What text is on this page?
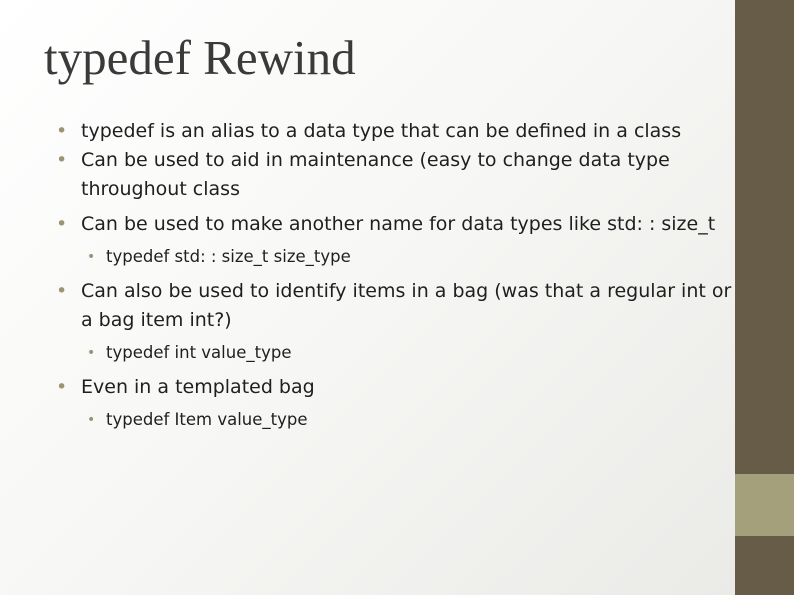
typedef Rewind

• typedef is an alias to a data type that can be defined in a class

• Can be used to aid in maintenance (easy to change data type throughout class

• Can be used to make another name for data types like std: : size_t

• typedef std: : size_t size_type

• Can also be used to identify items in a bag (was that a regular int or a bag item int?)

• typedef int value_type

• Even in a templated bag

• typedef Item value_type
